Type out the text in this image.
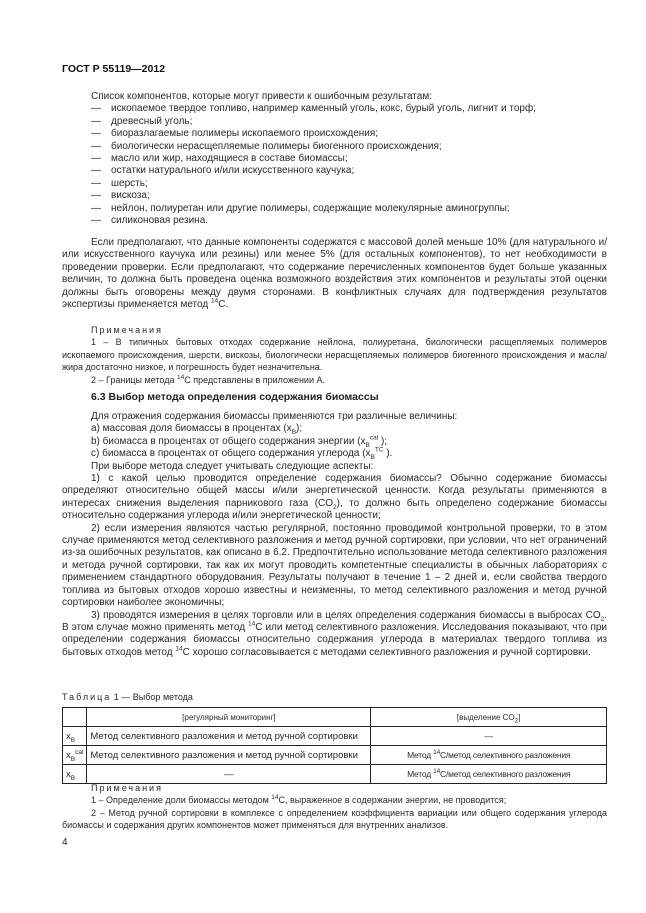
ГОСТ Р 55119—2012

Список компонентов, которые могут привести к ошибочным результатам:

— ископаемое твердое топливо, например каменный уголь, кокс, бурый уголь, лигнит и торф;
— древесный уголь;
— биоразлагаемые полимеры ископаемого происхождения;
— биологически нерасщепляемые полимеры биогенного происхождения;
— масло или жир, находящиеся в составе биомассы;
— остатки натурального и/или искусственного каучука;
— шерсть;
— вискоза;
— нейлон, полиуретан или другие полимеры, содержащие молекулярные аминогруппы;
— силиконовая резина.

Если предполагают, что данные компоненты содержатся с массовой долей меньше 10% (для натурального и/или искусственного каучука или резины) или менее 5% (для остальных компонентов), то нет необходимости в проведении проверки. Если предполагают, что содержание перечисленных компонентов будет больше указанных величин, то должна быть проведена оценка возможного воздействия этих компонентов и результаты этой оценки должны быть оговорены между двумя сторонами. В конфликтных случаях для подтверждения результатов экспертизы применяется метод $^{14}$C.

Примечания

1 – В типичных бытовых отходах содержание нейлона, полиуретана, биологически расщепляемых полимеров ископаемого происхождения, шерсти, вискозы, биологически нерасщепляемых полимеров биогенного происхождения и масла/жира достаточно низкое, и погрешность будет незначительна.

2 – Границы метода $^{14}$C представлены в приложении А.

6.3 Выбор метода определения содержания биомассы

Для отражения содержания биомассы применяются три различные величины:

a) массовая доля биомассы в процентах $(x_B)$;

b) биомасса в процентах от общего содержания энергии ($x_B^{cal}$ );

c) биомасса в процентах от общего содержания углерода ($x_B^{TC}$ ).

При выборе метода следует учитывать следующие аспекты:

1) с какой целью проводится определение содержания биомассы? Обычно содержание биомассы определяют относительно общей массы и/или энергетической ценности. Когда результаты применяются в интересах снижения выделения парникового газа $(CO_2)$, то должно быть определено содержание биомассы относительно содержания углерода и/или энергетической ценности;

2) если измерения являются частью регулярной, постоянно проводимой контрольной проверки, то в этом случае применяются метод селективного разложения и метод ручной сортировки, при условии, что нет ограничений из-за ошибочных результатов, как описано в 6.2. Предпочтительно использование метода селективного разложения и метода ручной сортировки, так как их могут проводить компетентные специалисты в обычных лабораториях с применением стандартного оборудования. Результаты получают в течение 1 – 2 дней и, если свойства твердого топлива из бытовых отходов хорошо известны и неизменны, то метод селективного разложения и метод ручной сортировки наиболее экономичны;

3) проводятся измерения в целях торговли или в целях определения содержания биомассы в выбросах $CO_2$. В этом случае можно применять метод $^{14}$C или метод селективного разложения. Исследования показывают, что при определении содержания биомассы относительно содержания углерода в материалах твердого топлива из бытовых отходов метод $^{14}$C хорошо согласовывается с методами селективного разложения и ручной сортировки.

Таблица 1 — Выбор метода
	[регулярный мониторинг]	[выделение $CO_2$]
$x_B$	Метод селективного разложения и метод ручной сортировки	—
$x_B^{cal}$	Метод селективного разложения и метод ручной сортировки	Метод $^{14}$C/метод селективного разложения
$x_B$	—	Метод $^{14}$C/метод селективного разложения

Примечания

1 – Определение доли биомассы методом $^{14}$C, выраженное в содержании энергии, не проводится;

2 – Метод ручной сортировки в комплексе с определением коэффициента вариации или общего содержания углерода биомассы и содержания других компонентов может применяться для внутренних анализов.

4
